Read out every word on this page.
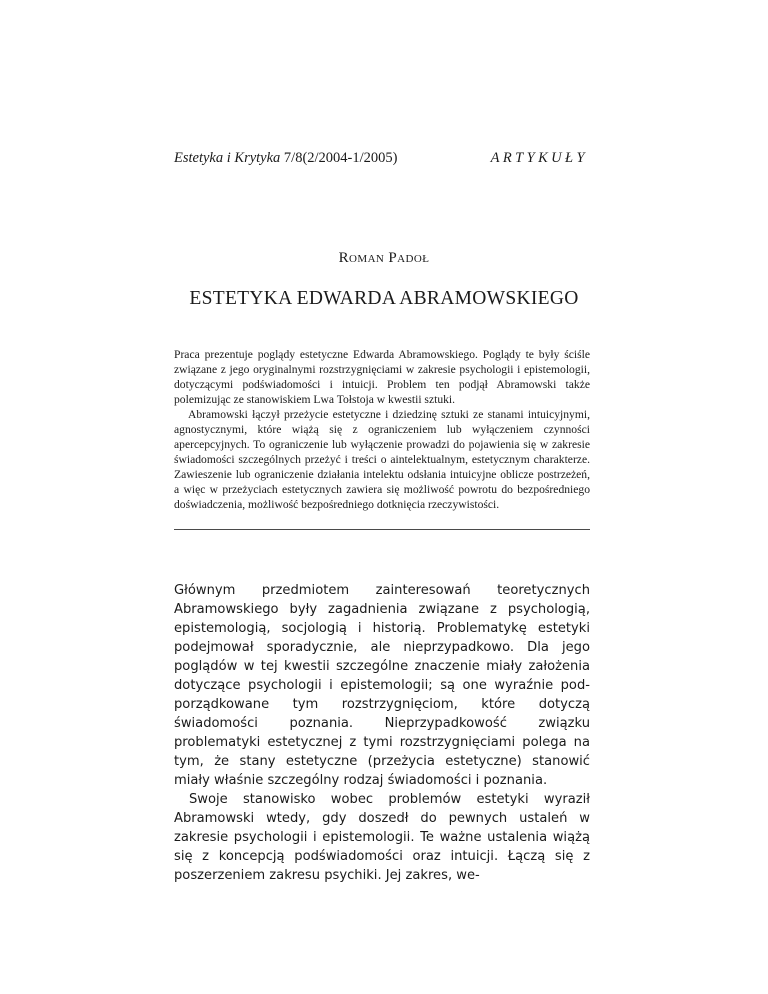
Estetyka i Krytyka 7/8(2/2004-1/2005)	ARTYKUŁY
Roman Padoł
ESTETYKA EDWARDA ABRAMOWSKIEGO

Praca prezentuje poglądy estetyczne Edwarda Abramowskiego. Poglądy te były ściśle związane z jego oryginalnymi rozstrzygnięciami w zakresie psychologii i epistemologii, dotyczącymi podświadomości i intuicji. Problem ten podjął Abramowski także polemizując ze stanowiskiem Lwa Tołstoja w kwestii sztuki.

Abramowski łączył przeżycie estetyczne i dziedzinę sztuki ze stanami intuicyjnymi, agnostycznymi, które wiążą się z ograniczeniem lub wyłączeniem czynności apercepcyjnych. To ograniczenie lub wyłączenie prowadzi do pojawienia się w zakresie świadomości szczególnych przeżyć i treści o aintelektualnym, estetycznym charakterze. Zawieszenie lub ograniczenie działania intelektu odsłania intuicyjne oblicze postrzeżeń, a więc w przeżyciach estetycznych zawiera się możliwość powrotu do bezpośredniego doświadczenia, możliwość bezpośredniego dotknięcia rzeczywistości.

Głównym przedmiotem zainteresowań teoretycznych Abramowskiego były zagadnienia związane z psychologią, epistemologią, socjologią i historią. Problematykę estetyki podejmował sporadycznie, ale nieprzypadkowo. Dla jego poglądów w tej kwestii szczególne znaczenie miały założenia dotyczące psychologii i epistemologii; są one wyraźnie podporządkowane tym rozstrzygnięciom, które dotyczą świadomości poznania. Nieprzypadkowość związku problematyki estetycznej z tymi rozstrzygnięciami polega na tym, że stany estetyczne (przeżycia estetyczne) stanowić miały właśnie szczególny rodzaj świadomości i poznania.

Swoje stanowisko wobec problemów estetyki wyraził Abramowski wtedy, gdy doszedł do pewnych ustaleń w zakresie psychologii i epistemologii. Te ważne ustalenia wiążą się z koncepcją podświadomości oraz intuicji. Łączą się z poszerzeniem zakresu psychiki. Jej zakres, we-
